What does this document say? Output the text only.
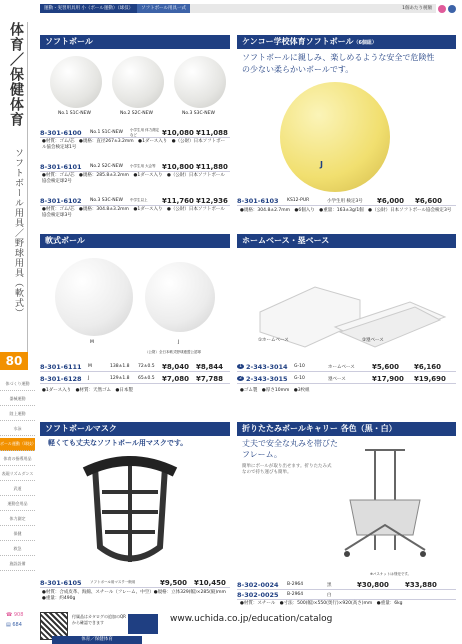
体育／保健体育
ソフトボール用具／野球用具（軟式）
80
体づくり運動
器械運動
陸上運動
水泳
ボール運動（球技）
体育の指導用品
表現リズムダンス
武道
運動会用品
体力測定
保健
救急
施設設備
☎ 908
▤ 684
運動・実習用具用 小（ボール運動）（球技）	ソフトボール用具一式	1個あたり税額
ソフトボール
No.1 S1C-NEW	No.2 S2C-NEW	No.3 S3C-NEW
ケンコー学校体育ソフトボール（6個組）
ソフトボールに親しみ、楽しめるような安全で危険性の少ない柔らかいボールです。
J
軟式ボール
M	J
（公財）全日本軟式野球連盟公認球
ホームベース・塁ベース
①ホームベース	②塁ベース
ソフトボールマスク
軽くても丈夫なソフトボール用マスクです。
折りたたみボールキャリー 各色（黒・白）
丈夫で安全な丸みを帯びたフレーム。
簡単にボールが取り出せます。折りたたみ式なので持ち運びも簡単。
※バスケットは別売です。
8-301-6100	No.1 S1C-NEW
小学生用 体力測定など	¥10,080 ¥11,088
●材質：ゴム/芯　●規格：直径267±3.2mm　●1ダース入り　●（公財）日本ソフトボール協会検定球1号
8-301-6101	No.2 S2C-NEW	小学生用 大会等 ¥10,800 ¥11,880
●材質：ゴム/芯　●規格：285.8±3.2mm　●1ダース入り　●（公財）日本ソフトボール協会検定球2号
8-301-6102	No.3 S3C-NEW	中学生以上	¥11,760 ¥12,936
●材質：ゴム/芯　●規格：304.8±3.2mm　●1ダース入り　●（公財）日本ソフトボール協会検定球3号
8-301-6103	KS12-PUR	小学生用 検定3号	¥6,000	¥6,600
●規格：304.8±2.7mm　●6個入り　●重量：163±3g/1個　●（公財）日本ソフトボール協会検定3号
8-301-6111	M	138±1.8	72±0.5	¥8,040 ¥8,844
8-301-6128	J	129±1.8	65±0.5	¥7,080 ¥7,788
●1ダース入り　●材質：天然ゴム　●日本製
1 2-343-3014	G-10	ホームベース	¥5,600	¥6,160
2 2-343-3015	G-10	塁ベース	¥17,900	¥19,690
●ゴム製　●厚さ10mm　●3枚組
8-301-6105	ソフトボール用マスク一般用	¥9,500 ¥10,450
●材質：合成皮革、海綿、スチール（フレーム、中空）●規格：立体329(幅)×285(縦)mm　●重量：約490g
8-302-0024	B-2964	黒	¥30,800	¥33,880
8-302-0025	B-2964	白
●材質：スチール　●寸法：500(幅)×550(奥行)×920(高さ)mm　●重量：6kg
付属品はカタログの追加のQRから確認できます	www.uchida.co.jp/education/catalog
体育／保健体育
